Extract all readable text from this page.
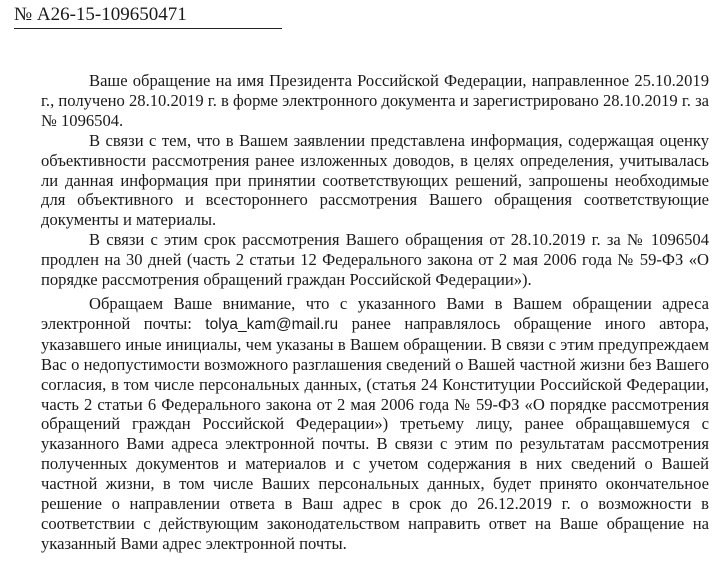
№ А26-15-109650471

Ваше обращение на имя Президента Российской Федерации, направленное 25.10.2019 г., получено 28.10.2019 г. в форме электронного документа и зарегистрировано 28.10.2019 г. за № 1096504.

В связи с тем, что в Вашем заявлении представлена информация, содержащая оценку объективности рассмотрения ранее изложенных доводов, в целях определения, учитывалась ли данная информация при принятии соответствующих решений, запрошены необходимые для объективного и всестороннего рассмотрения Вашего обращения соответствующие документы и материалы.

В связи с этим срок рассмотрения Вашего обращения от 28.10.2019 г. за № 1096504 продлен на 30 дней (часть 2 статьи 12 Федерального закона от 2 мая 2006 года № 59-ФЗ «О порядке рассмотрения обращений граждан Российской Федерации»).

Обращаем Ваше внимание, что с указанного Вами в Вашем обращении адреса электронной почты: tolya_kam@mail.ru ранее направлялось обращение иного автора, указавшего иные инициалы, чем указаны в Вашем обращении. В связи с этим предупреждаем Вас о недопустимости возможного разглашения сведений о Вашей частной жизни без Вашего согласия, в том числе персональных данных, (статья 24 Конституции Российской Федерации, часть 2 статьи 6 Федерального закона от 2 мая 2006 года № 59-ФЗ «О порядке рассмотрения обращений граждан Российской Федерации») третьему лицу, ранее обращавшемуся с указанного Вами адреса электронной почты. В связи с этим по результатам рассмотрения полученных документов и материалов и с учетом содержания в них сведений о Вашей частной жизни, в том числе Ваших персональных данных, будет принято окончательное решение о направлении ответа в Ваш адрес в срок до 26.12.2019 г. о возможности в соответствии с действующим законодательством направить ответ на Ваше обращение на указанный Вами адрес электронной почты.
